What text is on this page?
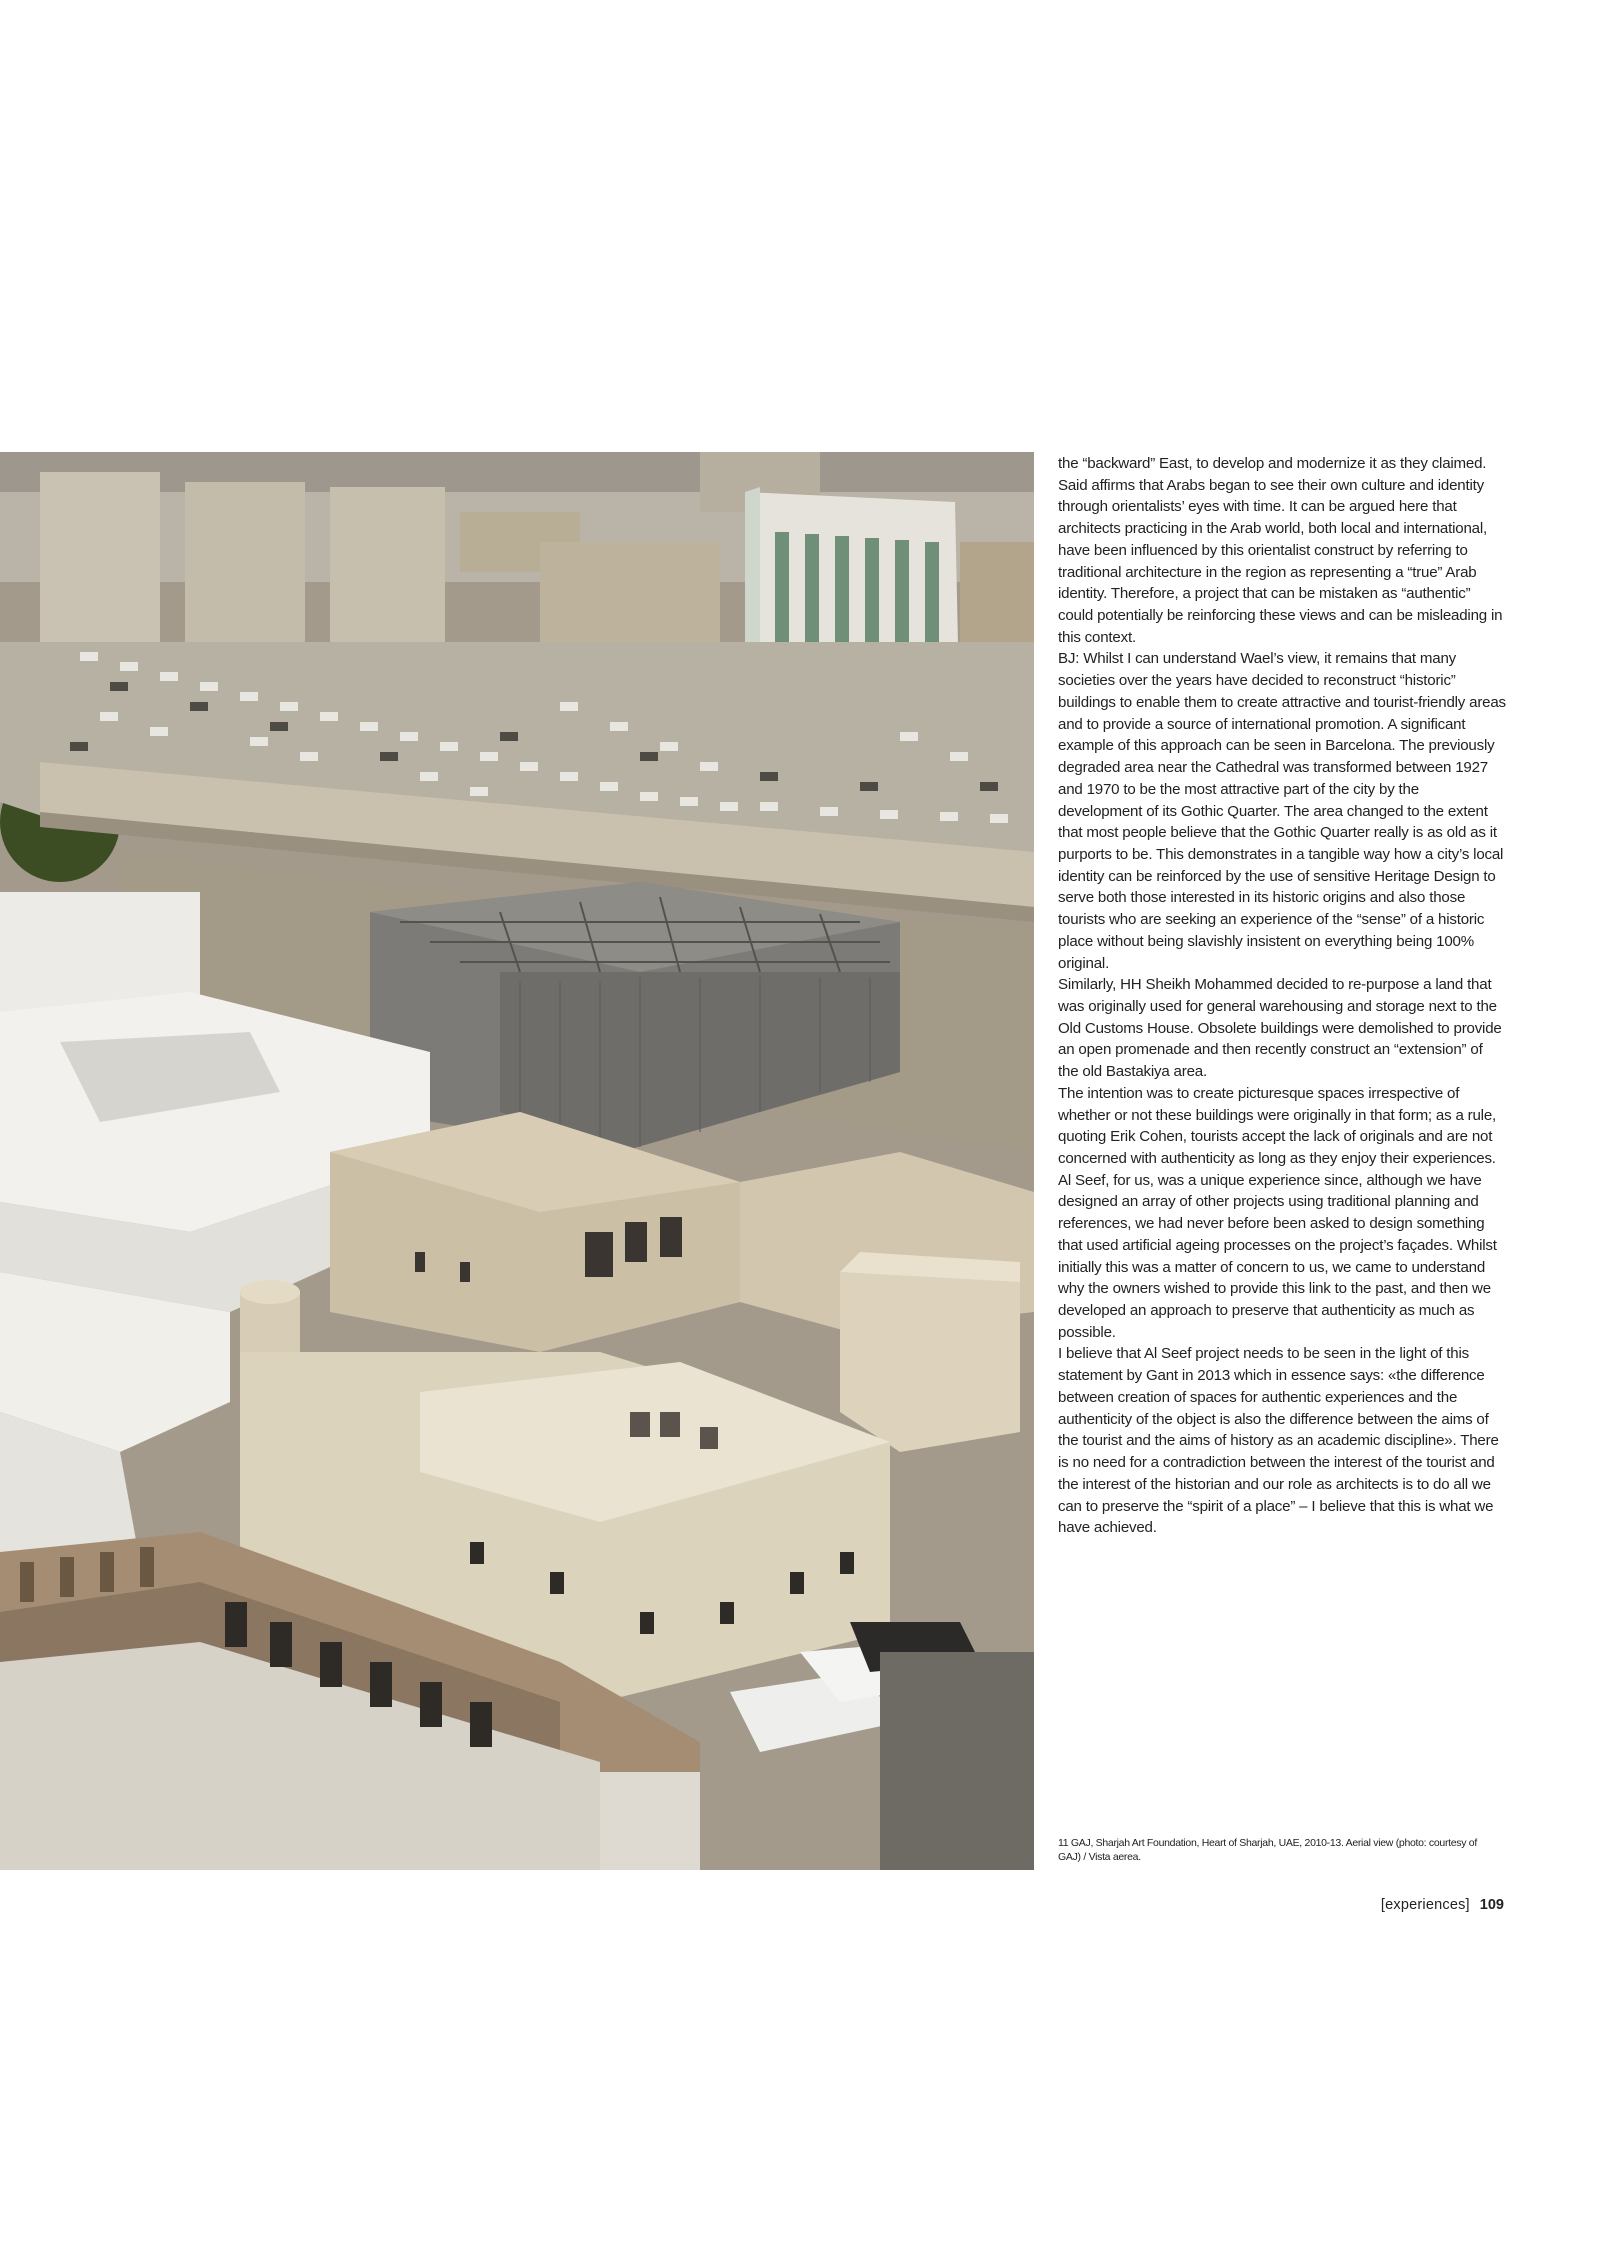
the “backward” East, to develop and modernize it as they claimed. Said affirms that Arabs began to see their own culture and identity through orientalists’ eyes with time. It can be argued here that architects practicing in the Arab world, both local and international, have been influenced by this orientalist construct by referring to traditional architecture in the region as representing a “true” Arab identity. Therefore, a project that can be mistaken as “authentic” could potentially be reinforcing these views and can be misleading in this context.

BJ: Whilst I can understand Wael’s view, it remains that many societies over the years have decided to reconstruct “historic” buildings to enable them to create attractive and tourist-friendly areas and to provide a source of international promotion. A significant example of this approach can be seen in Barcelona. The previously degraded area near the Cathedral was transformed between 1927 and 1970 to be the most attractive part of the city by the development of its Gothic Quarter. The area changed to the extent that most people believe that the Gothic Quarter really is as old as it purports to be. This demonstrates in a tangible way how a city’s local identity can be reinforced by the use of sensitive Heritage Design to serve both those interested in its historic origins and also those tourists who are seeking an experience of the “sense” of a historic place without being slavishly insistent on everything being 100% original.

Similarly, HH Sheikh Mohammed decided to re-purpose a land that was originally used for general warehousing and storage next to the Old Customs House. Obsolete buildings were demolished to provide an open promenade and then recently construct an “extension” of the old Bastakiya area.

The intention was to create picturesque spaces irrespective of whether or not these buildings were originally in that form; as a rule, quoting Erik Cohen, tourists accept the lack of originals and are not concerned with authenticity as long as they enjoy their experiences.

Al Seef, for us, was a unique experience since, although we have designed an array of other projects using traditional planning and references, we had never before been asked to design something that used artificial ageing processes on the project’s façades. Whilst initially this was a matter of concern to us, we came to understand why the owners wished to provide this link to the past, and then we developed an approach to preserve that authenticity as much as possible.

I believe that Al Seef project needs to be seen in the light of this statement by Gant in 2013 which in essence says: «the difference between creation of spaces for authentic experiences and the authenticity of the object is also the difference between the aims of the tourist and the aims of history as an academic discipline». There is no need for a contradiction between the interest of the tourist and the interest of the historian and our role as architects is to do all we can to preserve the “spirit of a place” – I believe that this is what we have achieved.

11 GAJ, Sharjah Art Foundation, Heart of Sharjah, UAE, 2010-13. Aerial view (photo: courtesy of GAJ) / Vista aerea.
[experiences] 109
